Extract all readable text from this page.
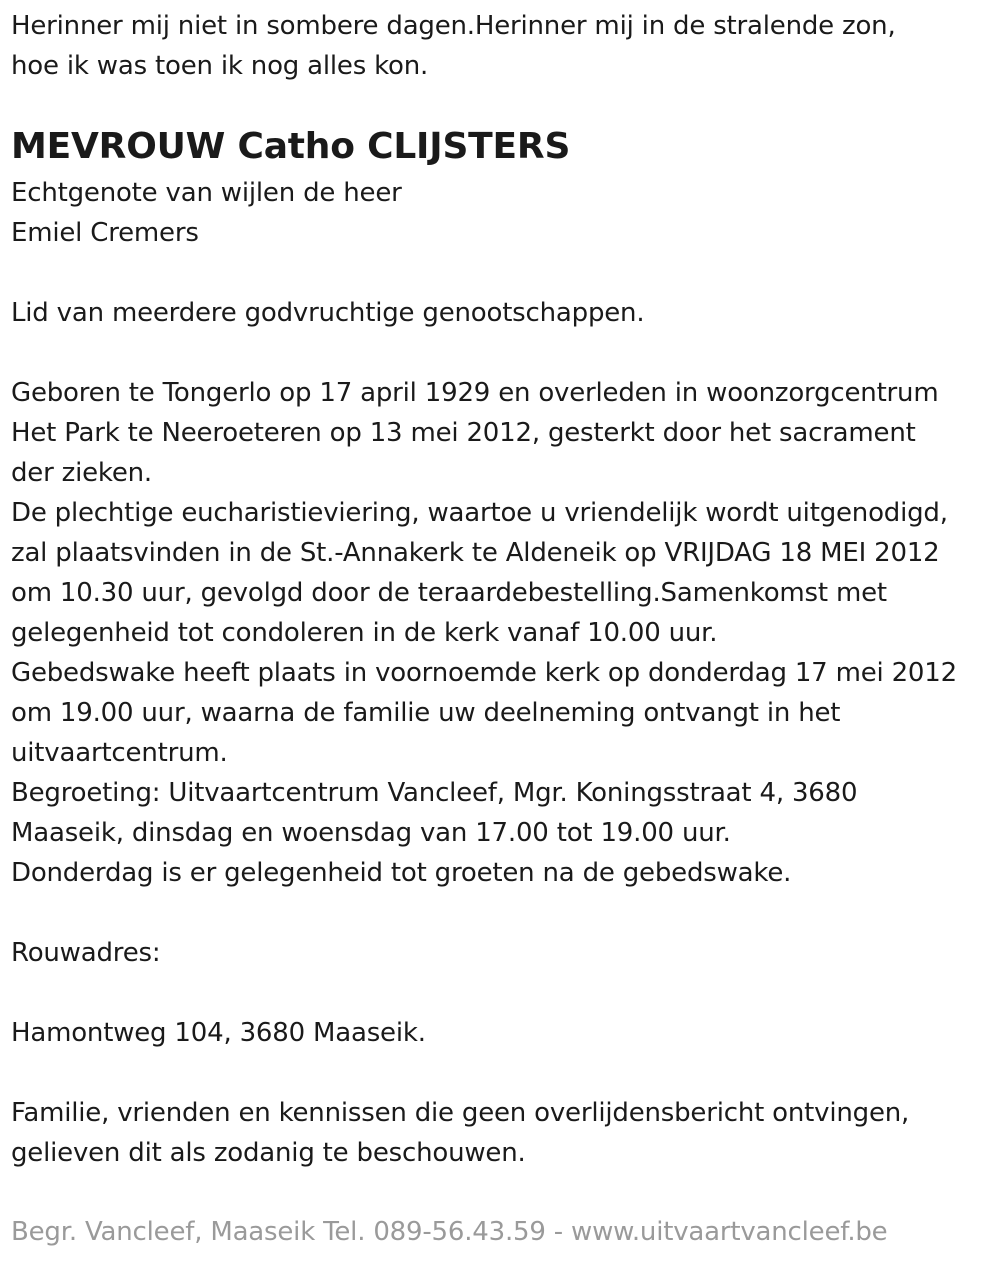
Herinner mij niet in sombere dagen.Herinner mij in de stralende zon,
hoe ik was toen ik nog alles kon.
MEVROUW Catho CLIJSTERS
Echtgenote van wijlen de heer
Emiel Cremers
Lid van meerdere godvruchtige genootschappen.
Geboren te Tongerlo op 17 april 1929 en overleden in woonzorgcentrum
Het Park te Neeroeteren op 13 mei 2012, gesterkt door het sacrament
der zieken.
De plechtige eucharistieviering, waartoe u vriendelijk wordt uitgenodigd,
zal plaatsvinden in de St.-Annakerk te Aldeneik op VRIJDAG 18 MEI 2012
om 10.30 uur, gevolgd door de teraardebestelling.Samenkomst met
gelegenheid tot condoleren in de kerk vanaf 10.00 uur.
Gebedswake heeft plaats in voornoemde kerk op donderdag 17 mei 2012
om 19.00 uur, waarna de familie uw deelneming ontvangt in het
uitvaartcentrum.
Begroeting: Uitvaartcentrum Vancleef, Mgr. Koningsstraat 4, 3680
Maaseik, dinsdag en woensdag van 17.00 tot 19.00 uur.
Donderdag is er gelegenheid tot groeten na de gebedswake.
Rouwadres:
Hamontweg 104, 3680 Maaseik.
Familie, vrienden en kennissen die geen overlijdensbericht ontvingen,
gelieven dit als zodanig te beschouwen.
Begr. Vancleef, Maaseik Tel. 089-56.43.59 - www.uitvaartvancleef.be
